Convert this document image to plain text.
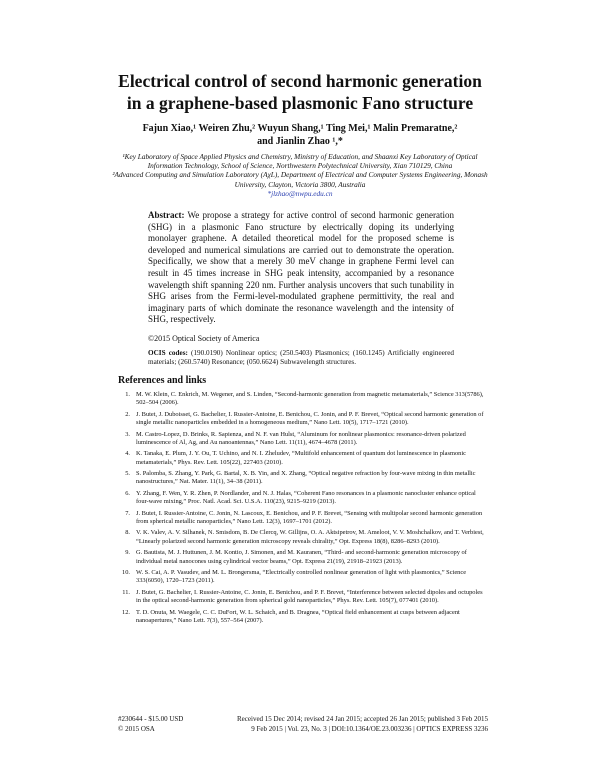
Electrical control of second harmonic generation
in a graphene-based plasmonic Fano structure
Fajun Xiao,¹ Weiren Zhu,² Wuyun Shang,¹ Ting Mei,¹ Malin Premaratne,²
and Jianlin Zhao ¹,*
¹Key Laboratory of Space Applied Physics and Chemistry, Ministry of Education, and Shaanxi Key Laboratory of Optical Information Technology, School of Science, Northwestern Polytechnical University, Xian 710129, China
²Advanced Computing and Simulation Laboratory (AχL), Department of Electrical and Computer Systems Engineering, Monash University, Clayton, Victoria 3800, Australia
*jlzhao@nwpu.edu.cn
Abstract: We propose a strategy for active control of second harmonic generation (SHG) in a plasmonic Fano structure by electrically doping its underlying monolayer graphene. A detailed theoretical model for the proposed scheme is developed and numerical simulations are carried out to demonstrate the operation. Specifically, we show that a merely 30 meV change in graphene Fermi level can result in 45 times increase in SHG peak intensity, accompanied by a resonance wavelength shift spanning 220 nm. Further analysis uncovers that such tunability in SHG arises from the Fermi-level-modulated graphene permittivity, the real and imaginary parts of which dominate the resonance wavelength and the intensity of SHG, respectively.
©2015 Optical Society of America
OCIS codes: (190.0190) Nonlinear optics; (250.5403) Plasmonics; (160.1245) Artificially engineered materials; (260.5740) Resonance; (050.6624) Subwavelength structures.
References and links
1. M. W. Klein, C. Enkrich, M. Wegener, and S. Linden, “Second-harmonic generation from magnetic metamaterials,” Science 313(5786), 502–504 (2006).
2. J. Butet, J. Duboisset, G. Bachelier, I. Russier-Antoine, E. Benichou, C. Jonin, and P. F. Brevet, “Optical second harmonic generation of single metallic nanoparticles embedded in a homogeneous medium,” Nano Lett. 10(5), 1717–1721 (2010).
3. M. Castro-Lopez, D. Brinks, R. Sapienza, and N. F. van Hulst, “Aluminum for nonlinear plasmonics: resonance-driven polarized luminescence of Al, Ag, and Au nanoantennas,” Nano Lett. 11(11), 4674–4678 (2011).
4. K. Tanaka, E. Plum, J. Y. Ou, T. Uchino, and N. I. Zheludev, “Multifold enhancement of quantum dot luminescence in plasmonic metamaterials,” Phys. Rev. Lett. 105(22), 227403 (2010).
5. S. Palomba, S. Zhang, Y. Park, G. Bartal, X. B. Yin, and X. Zhang, “Optical negative refraction by four-wave mixing in thin metallic nanostructures,” Nat. Mater. 11(1), 34–38 (2011).
6. Y. Zhang, F. Wen, Y. R. Zhen, P. Nordlander, and N. J. Halas, “Coherent Fano resonances in a plasmonic nanocluster enhance optical four-wave mixing,” Proc. Natl. Acad. Sci. U.S.A. 110(23), 9215–9219 (2013).
7. J. Butet, I. Russier-Antoine, C. Jonin, N. Lascoux, E. Benichou, and P. F. Brevet, “Sensing with multipolar second harmonic generation from spherical metallic nanoparticles,” Nano Lett. 12(3), 1697–1701 (2012).
8. V. K. Valev, A. V. Silhanek, N. Smisdom, B. De Clercq, W. Gillijns, O. A. Aktsipetrov, M. Ameloot, V. V. Moshchalkov, and T. Verbiest, “Linearly polarized second harmonic generation microscopy reveals chirality,” Opt. Express 18(8), 8286–8293 (2010).
9. G. Bautista, M. J. Huttunen, J. M. Kontio, J. Simonen, and M. Kauranen, “Third- and second-harmonic generation microscopy of individual metal nanocones using cylindrical vector beams,” Opt. Express 21(19), 21918–21923 (2013).
10. W. S. Cai, A. P. Vasudev, and M. L. Brongersma, “Electrically controlled nonlinear generation of light with plasmonics,” Science 333(6050), 1720–1723 (2011).
11. J. Butet, G. Bachelier, I. Russier-Antoine, C. Jonin, E. Benichou, and P. F. Brevet, “Interference between selected dipoles and octupoles in the optical second-harmonic generation from spherical gold nanoparticles,” Phys. Rev. Lett. 105(7), 077401 (2010).
12. T. D. Onuta, M. Waegele, C. C. DuFort, W. L. Schaich, and B. Dragnea, “Optical field enhancement at cusps between adjacent nanoapertures,” Nano Lett. 7(3), 557–564 (2007).
#230644 - $15.00 USD
© 2015 OSA
Received 15 Dec 2014; revised 24 Jan 2015; accepted 26 Jan 2015; published 3 Feb 2015
9 Feb 2015 | Vol. 23, No. 3 | DOI:10.1364/OE.23.003236 | OPTICS EXPRESS 3236
